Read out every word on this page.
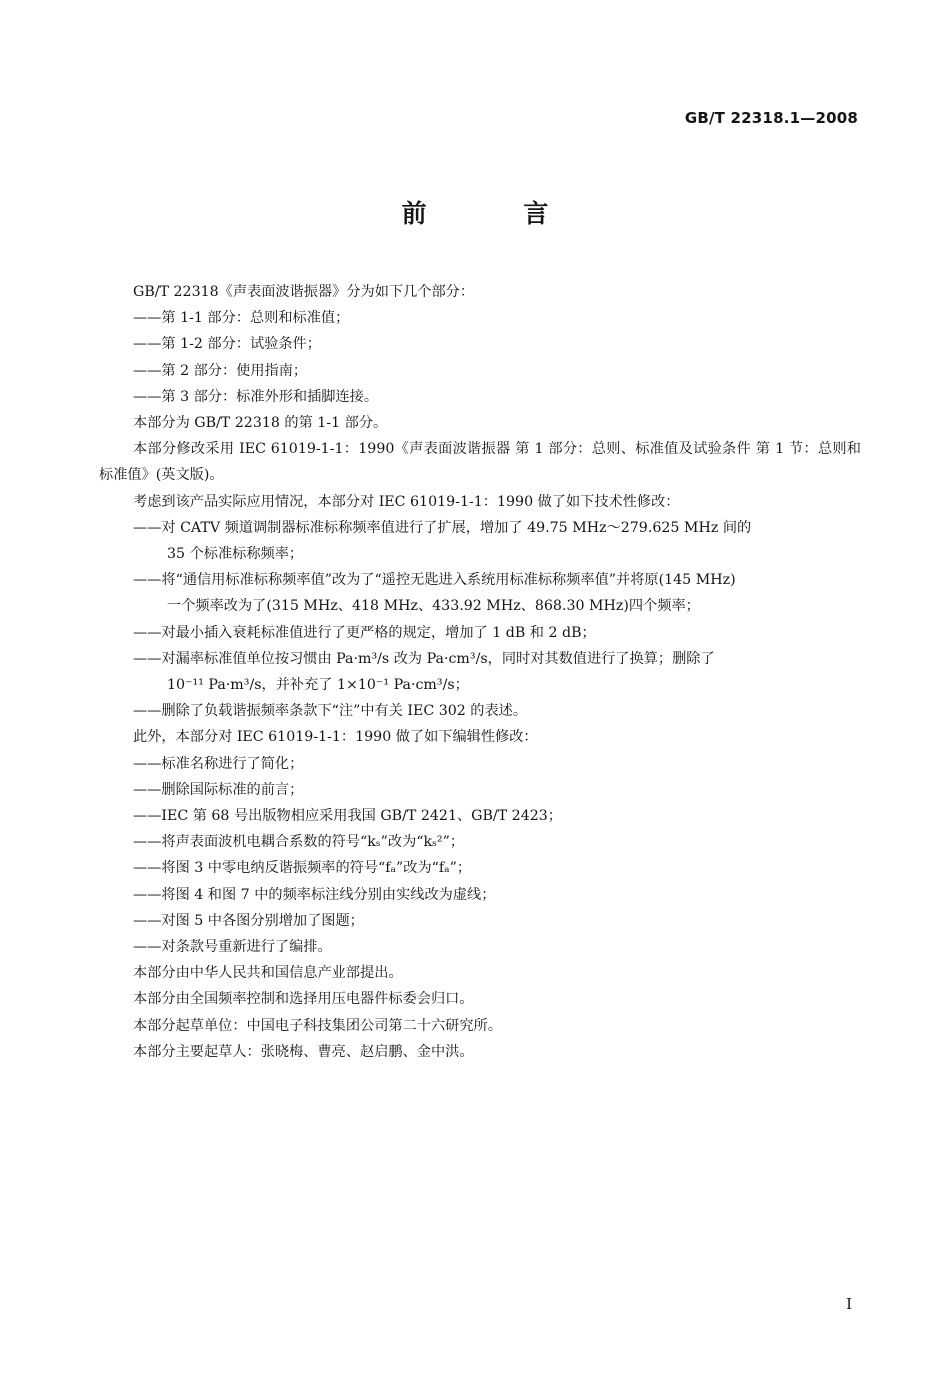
GB/T 22318.1—2008
前 言

GB/T 22318《声表面波谐振器》分为如下几个部分：

——第 1-1 部分：总则和标准值；

——第 1-2 部分：试验条件；

——第 2 部分：使用指南；

——第 3 部分：标准外形和插脚连接。

本部分为 GB/T 22318 的第 1-1 部分。

本部分修改采用 IEC 61019-1-1：1990《声表面波谐振器 第 1 部分：总则、标准值及试验条件 第 1 节：总则和标准值》(英文版)。

考虑到该产品实际应用情况，本部分对 IEC 61019-1-1：1990 做了如下技术性修改：

——对 CATV 频道调制器标准标称频率值进行了扩展，增加了 49.75 MHz～279.625 MHz 间的
35 个标准标称频率；

——将“通信用标准标称频率值”改为了“遥控无匙进入系统用标准标称频率值”并将原(145 MHz)
一个频率改为了(315 MHz、418 MHz、433.92 MHz、868.30 MHz)四个频率；

——对最小插入衰耗标准值进行了更严格的规定，增加了 1 dB 和 2 dB；

——对漏率标准值单位按习惯由 Pa·m³/s 改为 Pa·cm³/s，同时对其数值进行了换算；删除了
10⁻¹¹ Pa·m³/s，并补充了 1×10⁻¹ Pa·cm³/s；

——删除了负载谐振频率条款下“注”中有关 IEC 302 的表述。

此外，本部分对 IEC 61019-1-1：1990 做了如下编辑性修改：

——标准名称进行了简化；

——删除国际标准的前言；

——IEC 第 68 号出版物相应采用我国 GB/T 2421、GB/T 2423；

——将声表面波机电耦合系数的符号“kₛ”改为“kₛ²”；

——将图 3 中零电纳反谐振频率的符号“fₐ”改为“fₐ”；

——将图 4 和图 7 中的频率标注线分别由实线改为虚线；

——对图 5 中各图分别增加了图题；

——对条款号重新进行了编排。

本部分由中华人民共和国信息产业部提出。

本部分由全国频率控制和选择用压电器件标委会归口。

本部分起草单位：中国电子科技集团公司第二十六研究所。

本部分主要起草人：张晓梅、曹亮、赵启鹏、金中洪。

I
